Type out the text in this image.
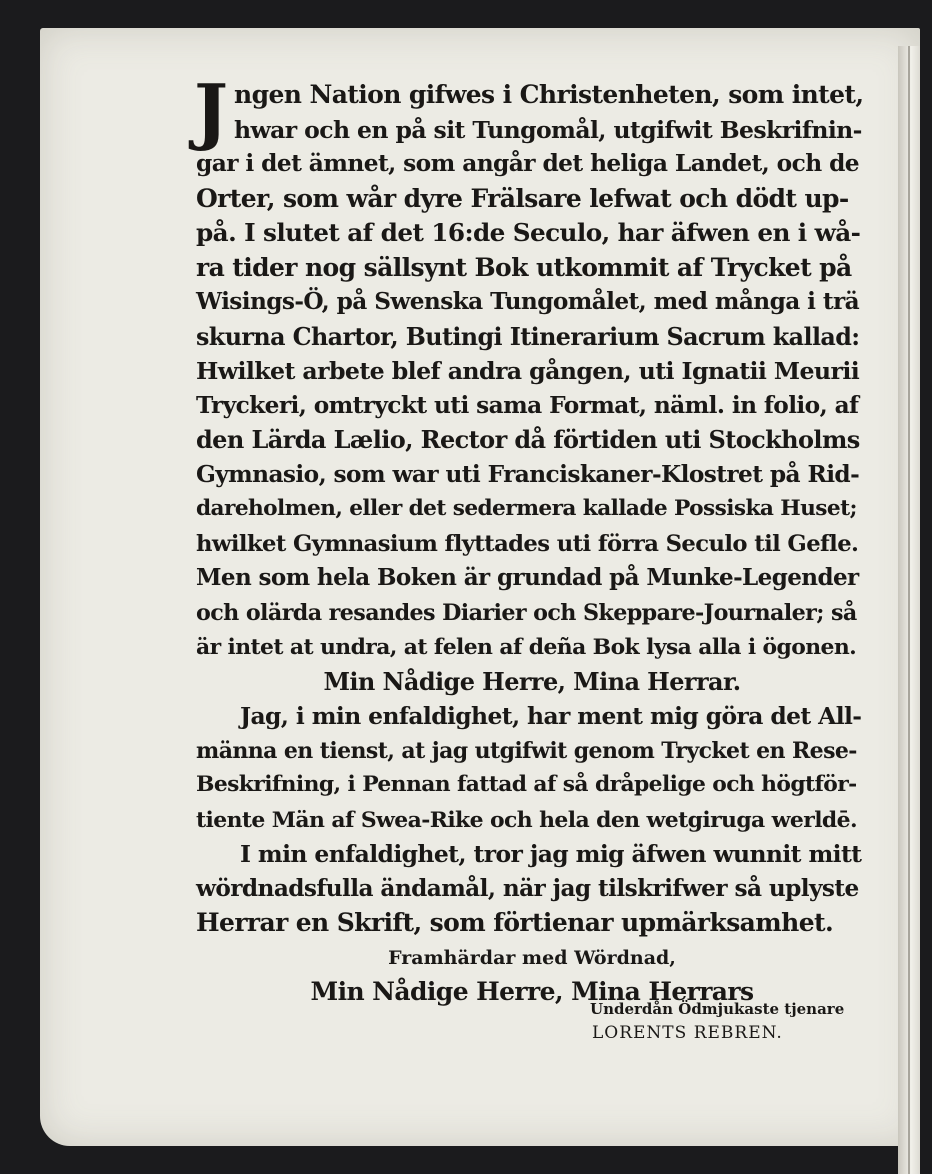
J ngen Nation gifwes i Christenheten, som intet,
hwar och en på sit Tungomål, utgifwit Beskrifnin-
gar i det ämnet, som angår det heliga Landet, och de
Orter, som wår dyre Frälsare lefwat och dödt up-
på. I slutet af det 16:de Seculo, har äfwen en i wå-
ra tider nog sällsynt Bok utkommit af Trycket på
Wisings-Ö, på Swenska Tungomålet, med många i trä
skurna Chartor, Butingi Itinerarium Sacrum kallad:
Hwilket arbete blef andra gången, uti Ignatii Meurii
Tryckeri, omtryckt uti sama Format, näml. in folio, af
den Lärda Lælio, Rector då förtiden uti Stockholms
Gymnasio, som war uti Franciskaner-Klostret på Rid-
dareholmen, eller det sedermera kallade Possiska Huset;
hwilket Gymnasium flyttades uti förra Seculo til Gefle.
Men som hela Boken är grundad på Munke-Legender
och olärda resandes Diarier och Skeppare-Journaler; så
är intet at undra, at felen af deña Bok lysa alla i ögonen.
Min Nådige Herre, Mina Herrar.
Jag, i min enfaldighet, har ment mig göra det All-
männa en tienst, at jag utgifwit genom Trycket en Rese-
Beskrifning, i Pennan fattad af så dråpelige och högtför-
tiente Män af Swea-Rike och hela den wetgiruga werldē.
I min enfaldighet, tror jag mig äfwen wunnit mitt
wördnadsfulla ändamål, när jag tilskrifwer så uplyste
Herrar en Skrift, som förtienar upmärksamhet.
Framhärdar med Wördnad,
Min Nådige Herre, Mina Herrars
Underdån Ödmjukaste tjenare
LORENTS REBREN.
